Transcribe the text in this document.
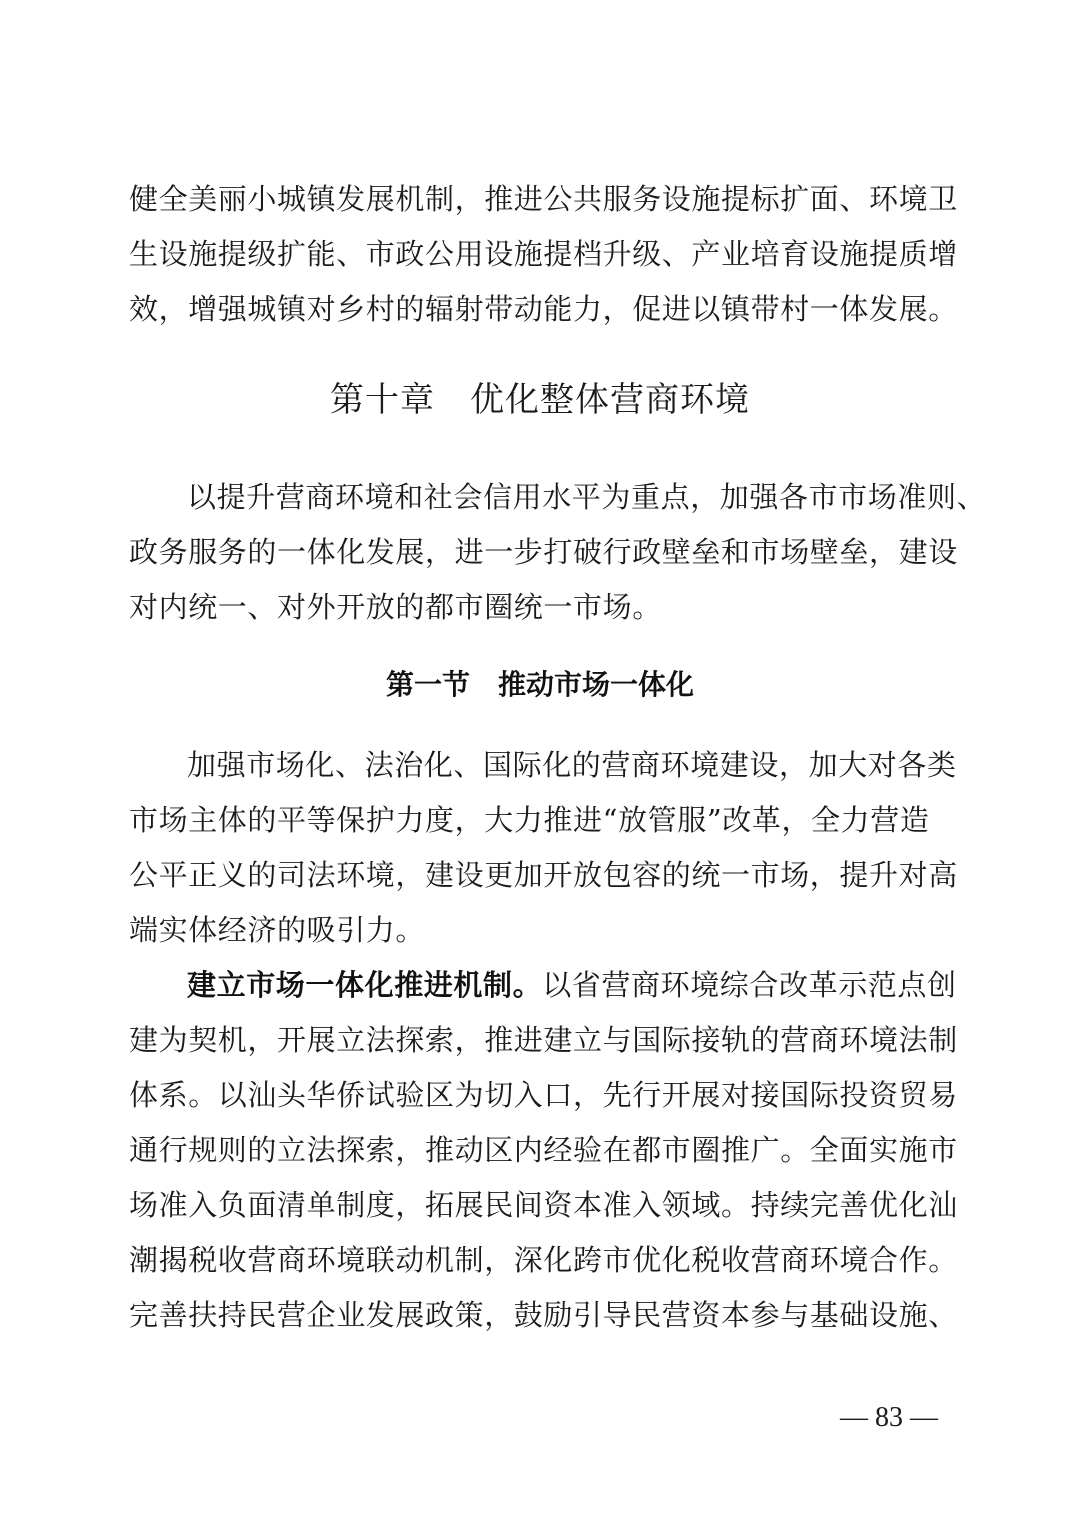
健全美丽小城镇发展机制，推进公共服务设施提标扩面、环境卫
生设施提级扩能、市政公用设施提档升级、产业培育设施提质增
效，增强城镇对乡村的辐射带动能力，促进以镇带村一体发展。
第十章　优化整体营商环境
以提升营商环境和社会信用水平为重点，加强各市市场准则、
政务服务的一体化发展，进一步打破行政壁垒和市场壁垒，建设
对内统一、对外开放的都市圈统一市场。
第一节　推动市场一体化
加强市场化、法治化、国际化的营商环境建设，加大对各类
市场主体的平等保护力度，大力推进“放管服”改革，全力营造
公平正义的司法环境，建设更加开放包容的统一市场，提升对高
端实体经济的吸引力。
建立市场一体化推进机制。以省营商环境综合改革示范点创
建为契机，开展立法探索，推进建立与国际接轨的营商环境法制
体系。以汕头华侨试验区为切入口，先行开展对接国际投资贸易
通行规则的立法探索，推动区内经验在都市圈推广。全面实施市
场准入负面清单制度，拓展民间资本准入领域。持续完善优化汕
潮揭税收营商环境联动机制，深化跨市优化税收营商环境合作。
完善扶持民营企业发展政策，鼓励引导民营资本参与基础设施、
— 83 —
